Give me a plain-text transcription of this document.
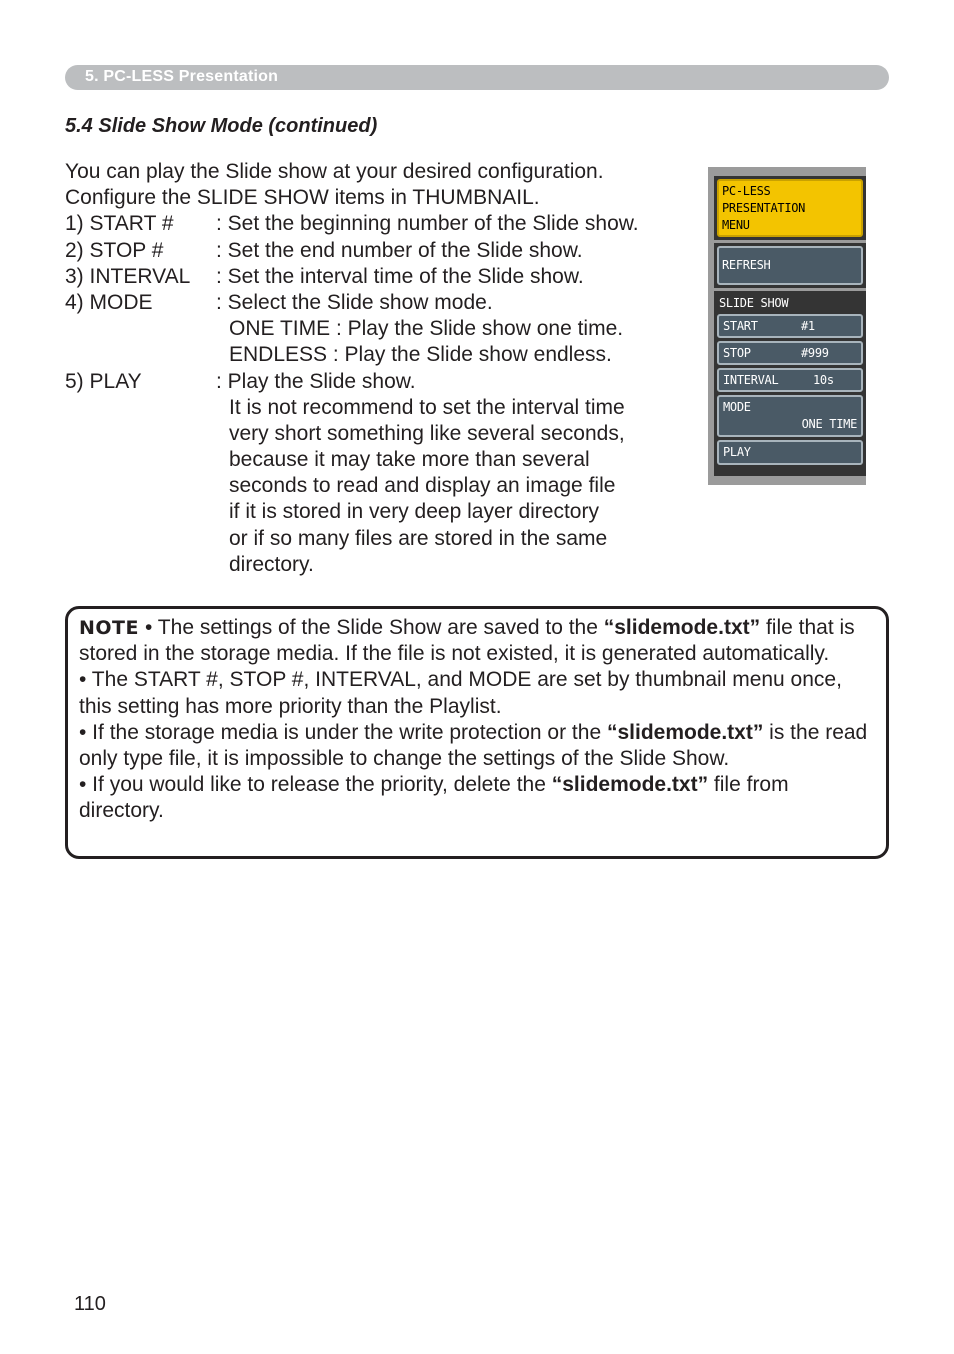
5. PC-LESS Presentation
5.4 Slide Show Mode (continued)
You can play the Slide show at your desired configuration.
Configure the SLIDE SHOW items in THUMBNAIL.
1) START # : Set the beginning number of the Slide show.
2) STOP #	: Set the end number of the Slide show.
3) INTERVAL : Set the interval time of the Slide show.
4) MODE	: Select the Slide show mode.
ONE TIME : Play the Slide show one time.
ENDLESS : Play the Slide show endless.
5) PLAY	: Play the Slide show.
It is not recommend to set the interval time
very short something like several seconds,
because it may take more than several
seconds to read and display an image file
if it is stored in very deep layer directory
or if so many files are stored in the same
directory.
PC-LESS
PRESENTATION
MENU
REFRESH
SLIDE SHOW
START	#1
STOP	#999
INTERVAL	10s
MODE
ONE TIME
PLAY
NOTE • The settings of the Slide Show are saved to the “slidemode.txt” file that is stored in the storage media. If the file is not existed, it is generated automatically.
• The START #, STOP #, INTERVAL, and MODE are set by thumbnail menu once, this setting has more priority than the Playlist.
• If the storage media is under the write protection or the “slidemode.txt” is the read only type file, it is impossible to change the settings of the Slide Show.
• If you would like to release the priority, delete the “slidemode.txt” file from directory.
110
